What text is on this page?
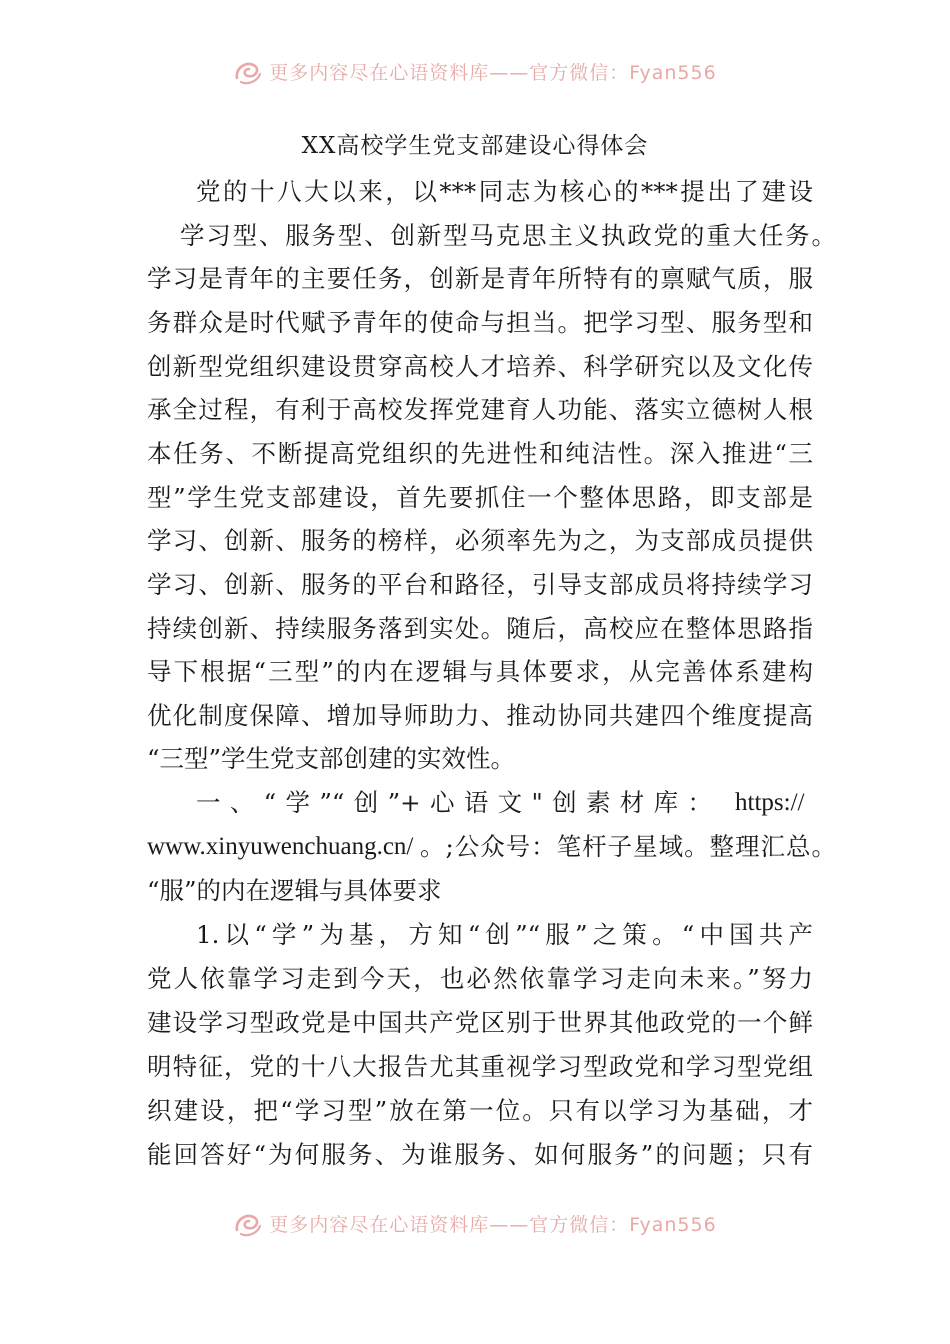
更多内容尽在心语资料库——官方微信：Fyan556
XX高校学生党支部建设心得体会
党的十八大以来，以***同志为核心的***提出了建设
学习型、服务型、创新型马克思主义执政党的重大任务。
学习是青年的主要任务，创新是青年所特有的禀赋气质，服
务群众是时代赋予青年的使命与担当。把学习型、服务型和
创新型党组织建设贯穿高校人才培养、科学研究以及文化传
承全过程，有利于高校发挥党建育人功能、落实立德树人根
本任务、不断提高党组织的先进性和纯洁性。深入推进“三
型”学生党支部建设，首先要抓住一个整体思路，即支部是
学习、创新、服务的榜样，必须率先为之，为支部成员提供
学习、创新、服务的平台和路径，引导支部成员将持续学习
持续创新、持续服务落到实处。随后，高校应在整体思路指
导下根据“三型”的内在逻辑与具体要求，从完善体系建构
优化制度保障、增加导师助力、推动协同共建四个维度提高
“三型”学生党支部创建的实效性。
一、“学”“创”+心语文"创素材库： https://
www.xinyuwenchuang.cn/ 。;公众号：笔杆子星域。整理汇总。
“服”的内在逻辑与具体要求
1.以“学”为基，方知“创”“服”之策。“中国共产
党人依靠学习走到今天，也必然依靠学习走向未来。”努力
建设学习型政党是中国共产党区别于世界其他政党的一个鲜
明特征，党的十八大报告尤其重视学习型政党和学习型党组
织建设，把“学习型”放在第一位。只有以学习为基础，才
能回答好“为何服务、为谁服务、如何服务”的问题；只有
更多内容尽在心语资料库——官方微信：Fyan556
